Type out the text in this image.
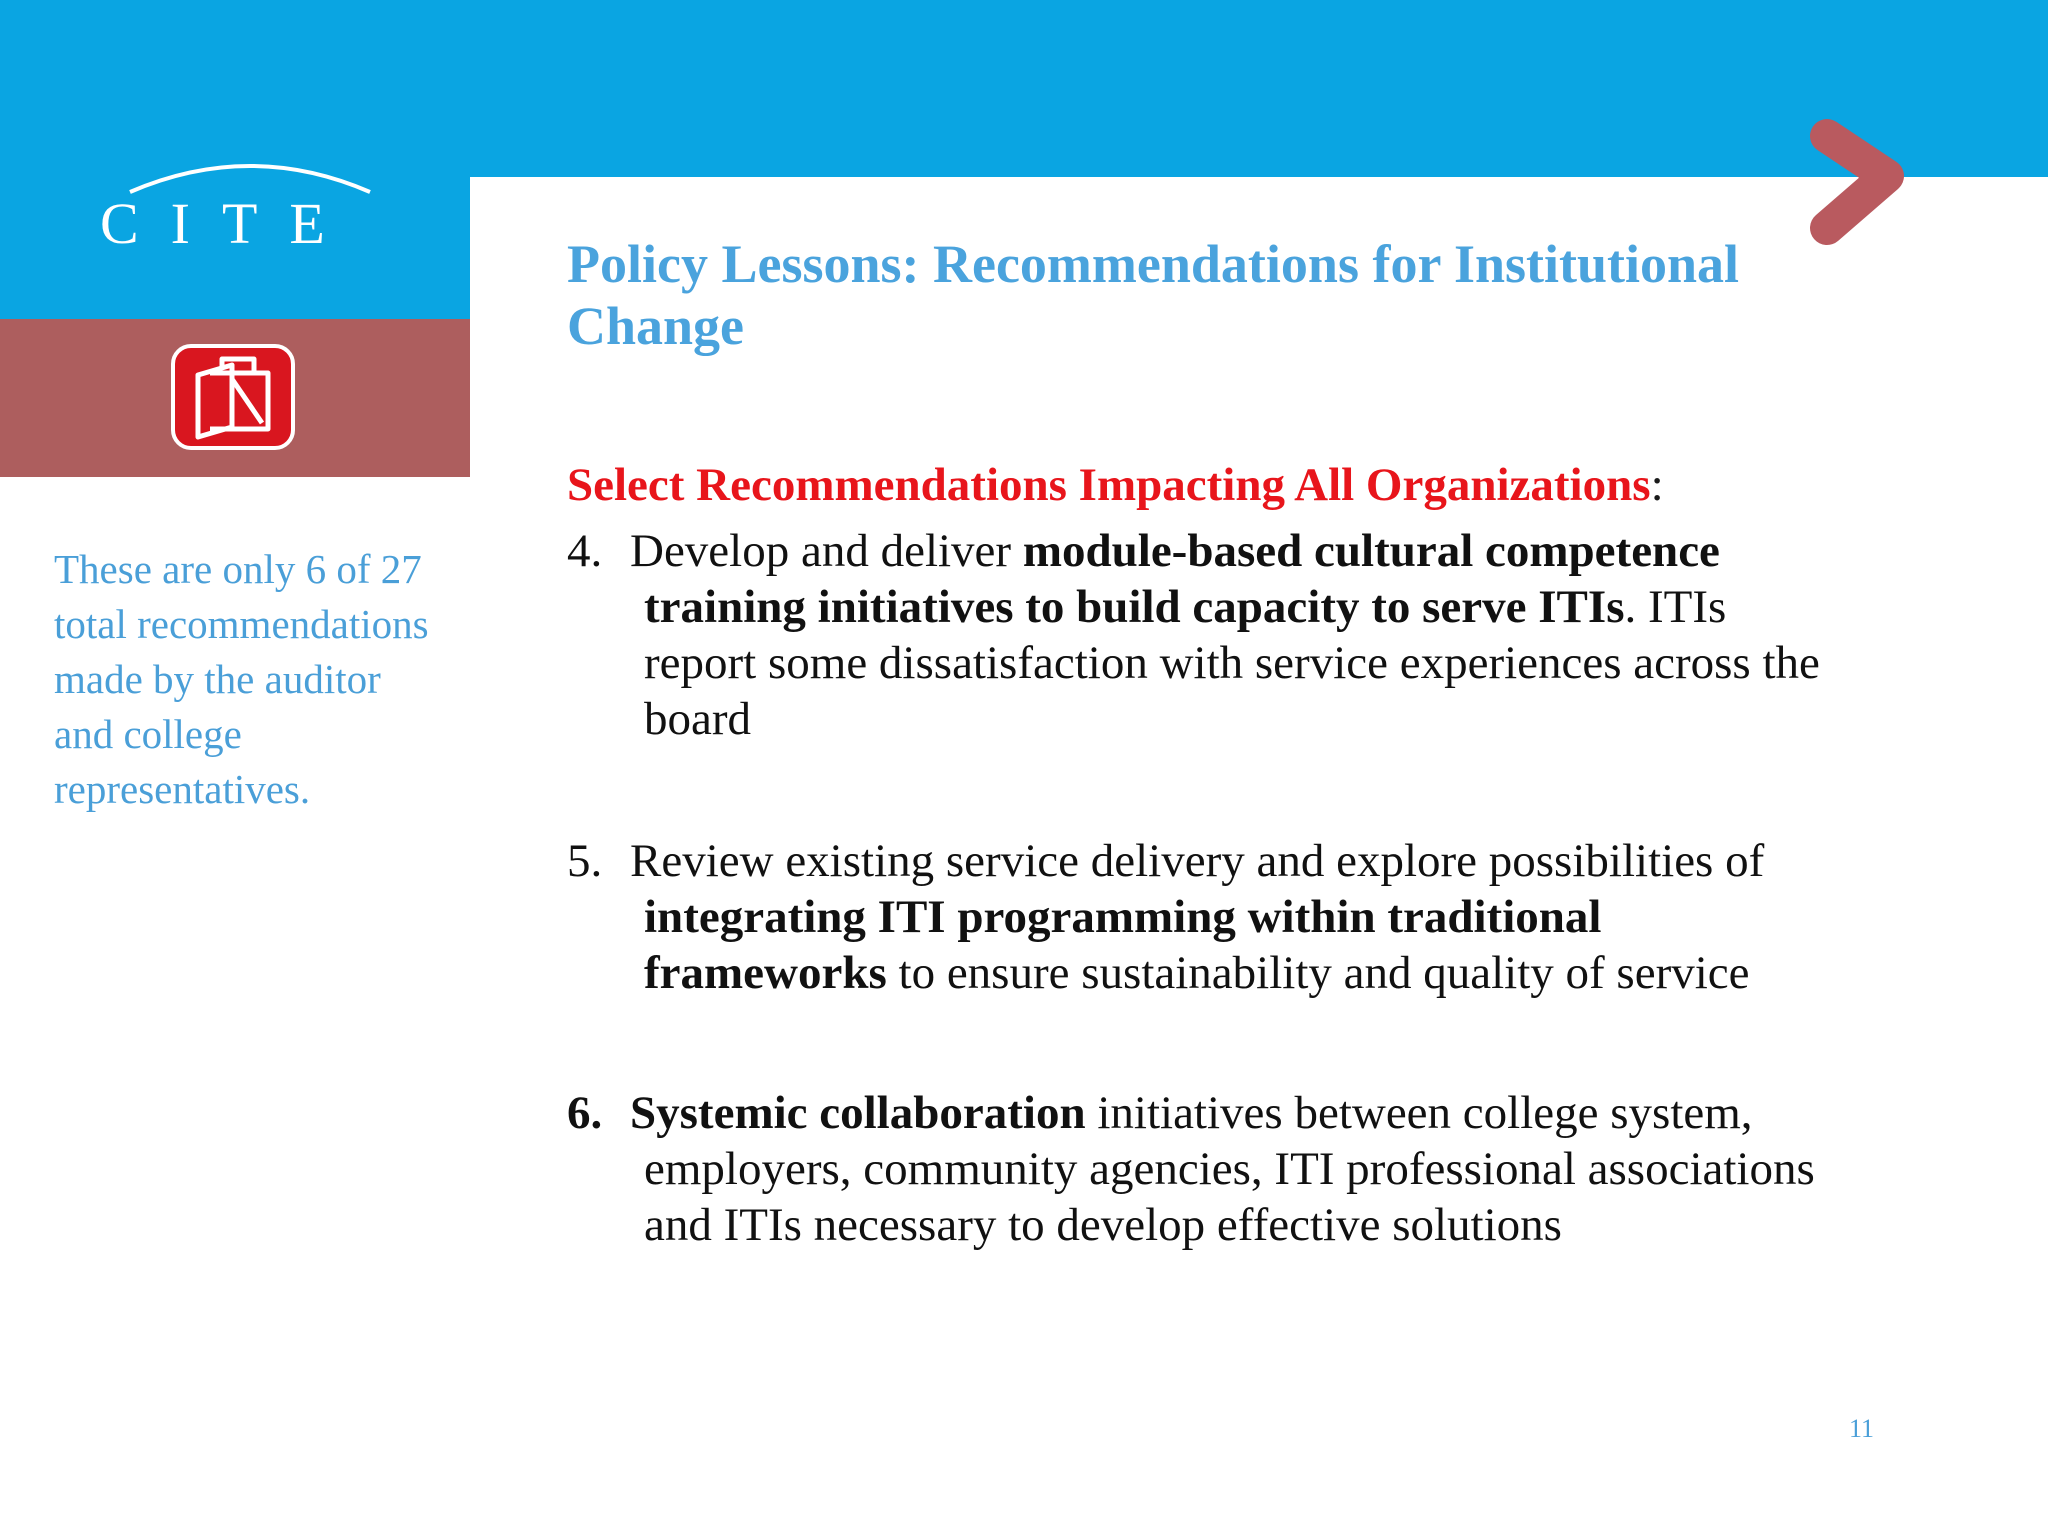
CITE
Policy Lessons: Recommendations for Institutional Change
Select Recommendations Impacting All Organizations:
4. Develop and deliver module-based cultural competence
training initiatives to build capacity to serve ITIs. ITIs
report some dissatisfaction with service experiences across the
board
5. Review existing service delivery and explore possibilities of
integrating ITI programming within traditional
frameworks to ensure sustainability and quality of service
6. Systemic collaboration initiatives between college system,
employers, community agencies, ITI professional associations
and ITIs necessary to develop effective solutions
These are only 6 of 27 total recommendations made by the auditor and college representatives.
11
